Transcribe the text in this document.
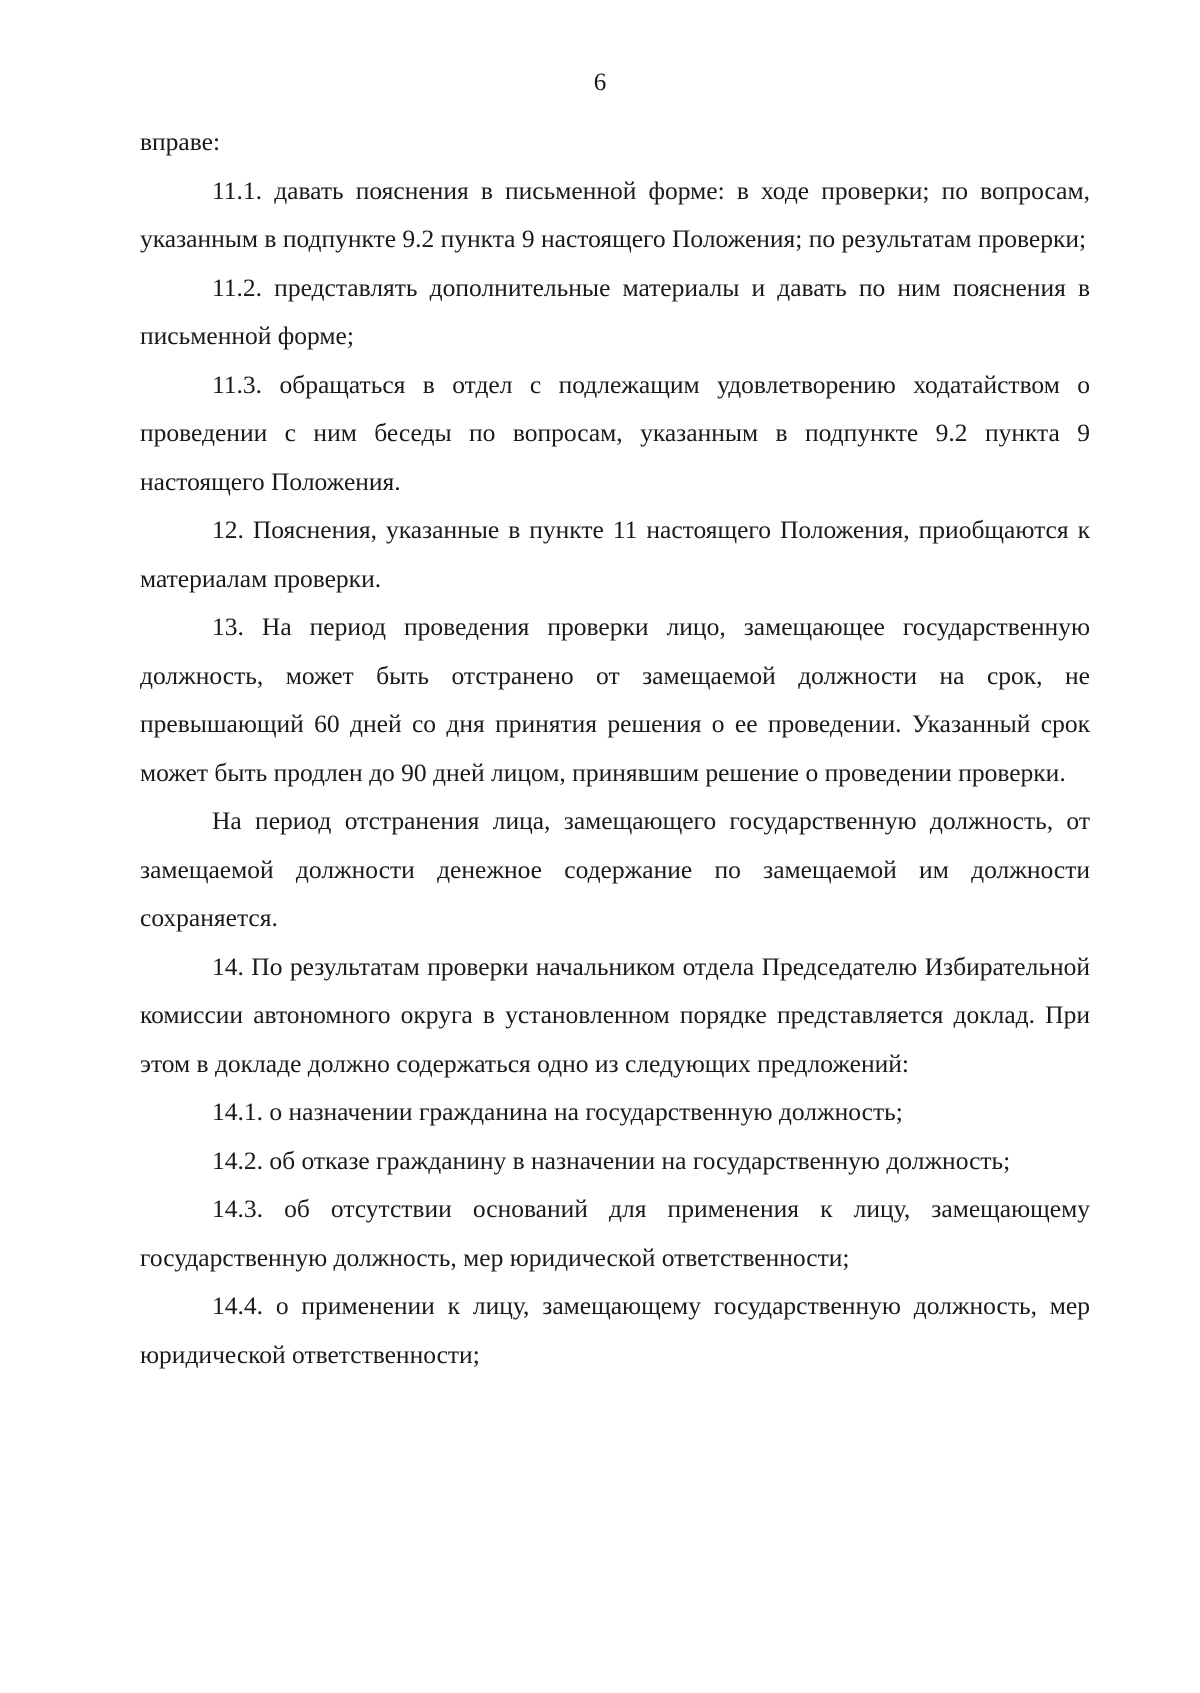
6

вправе:

11.1. давать пояснения в письменной форме: в ходе проверки; по вопросам, указанным в подпункте 9.2 пункта 9 настоящего Положения; по результатам проверки;

11.2. представлять дополнительные материалы и давать по ним пояснения в письменной форме;

11.3. обращаться в отдел с подлежащим удовлетворению ходатайством о проведении с ним беседы по вопросам, указанным в подпункте 9.2 пункта 9 настоящего Положения.

12. Пояснения, указанные в пункте 11 настоящего Положения, приобщаются к материалам проверки.

13. На период проведения проверки лицо, замещающее государственную должность, может быть отстранено от замещаемой должности на срок, не превышающий 60 дней со дня принятия решения о ее проведении. Указанный срок может быть продлен до 90 дней лицом, принявшим решение о проведении проверки.

На период отстранения лица, замещающего государственную должность, от замещаемой должности денежное содержание по замещаемой им должности сохраняется.

14. По результатам проверки начальником отдела Председателю Избирательной комиссии автономного округа в установленном порядке представляется доклад. При этом в докладе должно содержаться одно из следующих предложений:

14.1. о назначении гражданина на государственную должность;

14.2. об отказе гражданину в назначении на государственную должность;

14.3. об отсутствии оснований для применения к лицу, замещающему государственную должность, мер юридической ответственности;

14.4. о применении к лицу, замещающему государственную должность, мер юридической ответственности;
